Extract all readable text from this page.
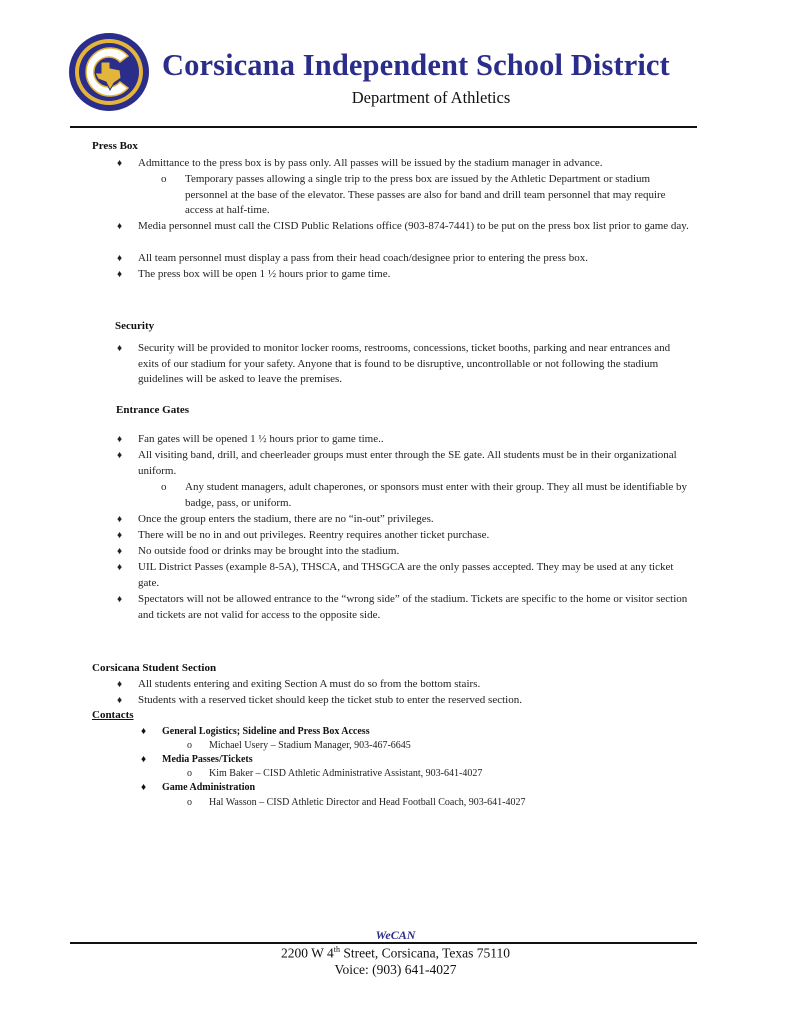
Corsicana Independent School District
Department of Athletics
Press Box
♦ Admittance to the press box is by pass only. All passes will be issued by the stadium manager in advance.
o Temporary passes allowing a single trip to the press box are issued by the Athletic Department or stadium personnel at the base of the elevator. These passes are also for band and drill team personnel that may require access at half-time.
♦ Media personnel must call the CISD Public Relations office (903-874-7441) to be put on the press box list prior to game day.
♦ All team personnel must display a pass from their head coach/designee prior to entering the press box.
♦ The press box will be open 1 ½ hours prior to game time.
Security
♦ Security will be provided to monitor locker rooms, restrooms, concessions, ticket booths, parking and near entrances and exits of our stadium for your safety. Anyone that is found to be disruptive, uncontrollable or not following the stadium guidelines will be asked to leave the premises.
Entrance Gates
♦ Fan gates will be opened 1 ½ hours prior to game time..
♦ All visiting band, drill, and cheerleader groups must enter through the SE gate. All students must be in their organizational uniform.
o Any student managers, adult chaperones, or sponsors must enter with their group. They all must be identifiable by badge, pass, or uniform.
♦ Once the group enters the stadium, there are no “in-out” privileges.
♦ There will be no in and out privileges. Reentry requires another ticket purchase.
♦ No outside food or drinks may be brought into the stadium.
♦ UIL District Passes (example 8-5A), THSCA, and THSGCA are the only passes accepted. They may be used at any ticket gate.
♦ Spectators will not be allowed entrance to the “wrong side” of the stadium. Tickets are specific to the home or visitor section and tickets are not valid for access to the opposite side.
Corsicana Student Section
♦ All students entering and exiting Section A must do so from the bottom stairs.
♦ Students with a reserved ticket should keep the ticket stub to enter the reserved section.
Contacts
♦ General Logistics; Sideline and Press Box Access
o Michael Usery – Stadium Manager, 903-467-6645
♦ Media Passes/Tickets
o Kim Baker – CISD Athletic Administrative Assistant, 903-641-4027
♦ Game Administration
o Hal Wasson – CISD Athletic Director and Head Football Coach, 903-641-4027
WeCAN
2200 W 4th Street, Corsicana, Texas 75110
Voice: (903) 641-4027
